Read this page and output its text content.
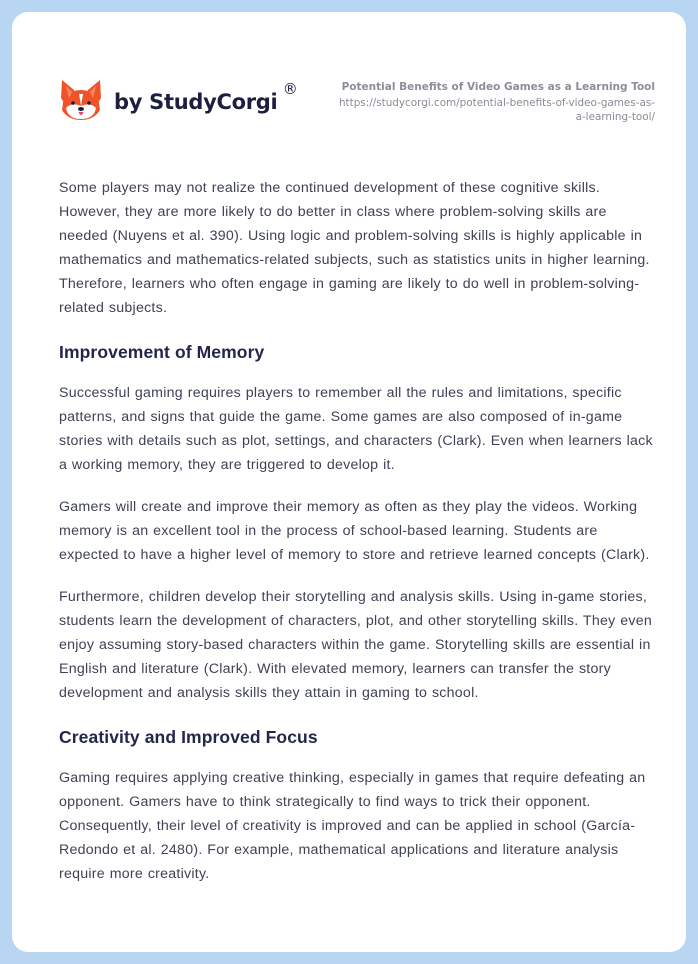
by StudyCorgi
®	Potential Benefits of Video Games as a Learning Tool
https://studycorgi.com/potential-benefits-of-video-games-as-
a-learning-tool/

Some players may not realize the continued development of these cognitive skills. However, they are more likely to do better in class where problem-solving skills are needed (Nuyens et al. 390). Using logic and problem-solving skills is highly applicable in mathematics and mathematics-related subjects, such as statistics units in higher learning. Therefore, learners who often engage in gaming are likely to do well in problem-solving-related subjects.

Improvement of Memory

Successful gaming requires players to remember all the rules and limitations, specific patterns, and signs that guide the game. Some games are also composed of in-game stories with details such as plot, settings, and characters (Clark). Even when learners lack a working memory, they are triggered to develop it.

Gamers will create and improve their memory as often as they play the videos. Working memory is an excellent tool in the process of school-based learning. Students are expected to have a higher level of memory to store and retrieve learned concepts (Clark).

Furthermore, children develop their storytelling and analysis skills. Using in-game stories, students learn the development of characters, plot, and other storytelling skills. They even enjoy assuming story-based characters within the game. Storytelling skills are essential in English and literature (Clark). With elevated memory, learners can transfer the story development and analysis skills they attain in gaming to school.

Creativity and Improved Focus

Gaming requires applying creative thinking, especially in games that require defeating an opponent. Gamers have to think strategically to find ways to trick their opponent. Consequently, their level of creativity is improved and can be applied in school (García-Redondo et al. 2480). For example, mathematical applications and literature analysis require more creativity.
